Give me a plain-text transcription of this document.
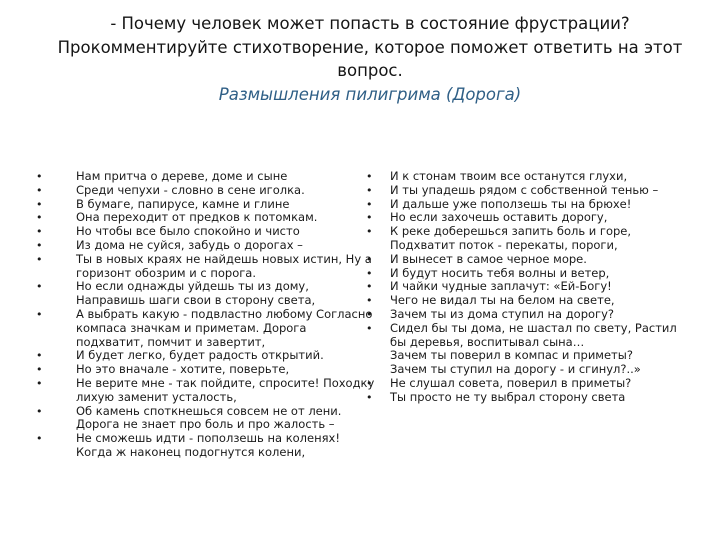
- Почему человек может попасть в состояние фрустрации?
Прокомментируйте стихотворение, которое поможет ответить на этот
вопрос.
Размышления пилигрима (Дорога)
• Нам притча о дереве, доме и сыне
• Среди чепухи - словно в сене иголка.
• В бумаге, папирусе, камне и глине
• Она переходит от предков к потомкам.
• Но чтобы все было спокойно и чисто
• Из дома не суйся, забудь о дорогах –
• Ты в новых краях не найдешь новых истин, Ну а горизонт обозрим и с порога.
• Но если однажды уйдешь ты из дому, Направишь шаги свои в сторону света,
• А выбрать какую - подвластно любому Согласно компаса значкам и приметам. Дорога подхватит, помчит и завертит,
• И будет легко, будет радость открытий.
• Но это вначале - хотите, поверьте,
• Не верите мне - так пойдите, спросите! Походку лихую заменит усталость,
• Об камень споткнешься совсем не от лени. Дорога не знает про боль и про жалость –
• Не сможешь идти - поползешь на коленях! Когда ж наконец подогнутся колени,
• И к стонам твоим все останутся глухи,
• И ты упадешь рядом с собственной тенью –
• И дальше уже поползешь ты на брюхе!
• Но если захочешь оставить дорогу,
• К реке доберешься запить боль и горе, Подхватит поток - перекаты, пороги,
• И вынесет в самое черное море.
• И будут носить тебя волны и ветер,
• И чайки чудные заплачут: «Ей-Богу!
• Чего не видал ты на белом на свете,
• Зачем ты из дома ступил на дорогу?
• Сидел бы ты дома, не шастал по свету, Растил бы деревья, воспитывал сына…
Зачем ты поверил в компас и приметы?
Зачем ты ступил на дорогу - и сгинул?..»
• Не слушал совета, поверил в приметы?
• Ты просто не ту выбрал сторону света
